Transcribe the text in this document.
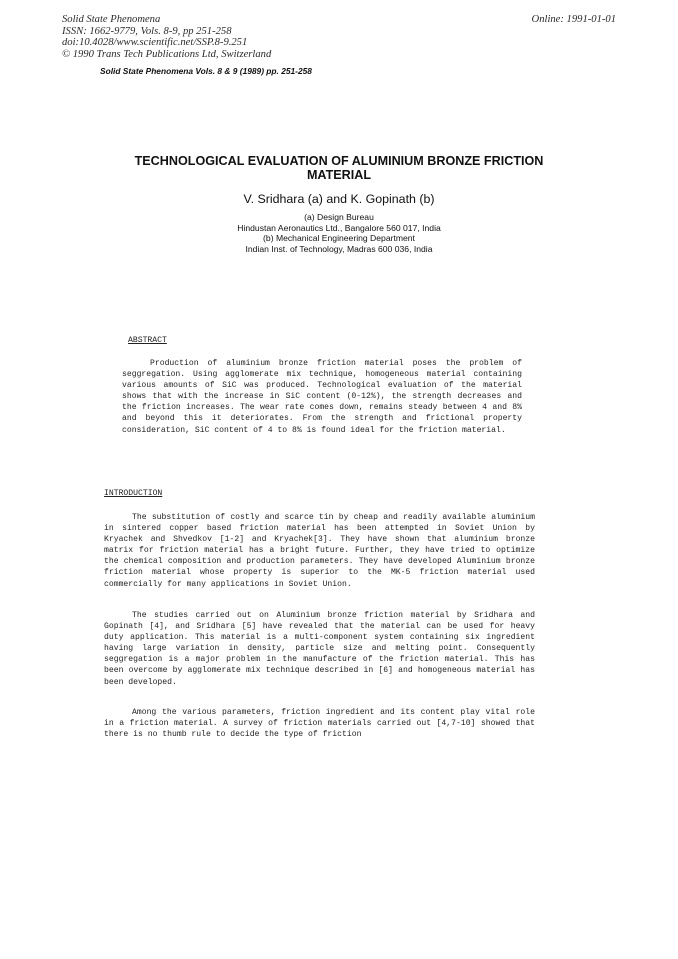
Solid State Phenomena
ISSN: 1662-9779, Vols. 8-9, pp 251-258
doi:10.4028/www.scientific.net/SSP.8-9.251
© 1990 Trans Tech Publications Ltd, Switzerland
Online: 1991-01-01
Solid State Phenomena Vols. 8 & 9 (1989) pp. 251-258
TECHNOLOGICAL EVALUATION OF ALUMINIUM BRONZE FRICTION
MATERIAL
V. Sridhara (a) and K. Gopinath (b)
(a) Design Bureau
Hindustan Aeronautics Ltd., Bangalore 560 017, India
(b) Mechanical Engineering Department
Indian Inst. of Technology, Madras 600 036, India
ABSTRACT

Production of aluminium bronze friction material poses the problem of seggregation. Using agglomerate mix technique, homogeneous material containing various amounts of SiC was produced. Technological evaluation of the material shows that with the increase in SiC content (0-12%), the strength decreases and the friction increases. The wear rate comes down, remains steady between 4 and 8% and beyond this it deteriorates. From the strength and frictional property consideration, SiC content of 4 to 8% is found ideal for the friction material.

INTRODUCTION

The substitution of costly and scarce tin by cheap and readily available aluminium in sintered copper based friction material has been attempted in Soviet Union by Kryachek and Shvedkov [1-2] and Kryachek[3]. They have shown that aluminium bronze matrix for friction material has a bright future. Further, they have tried to optimize the chemical composition and production parameters. They have developed Aluminium bronze friction material whose property is superior to the MK-5 friction material used commercially for many applications in Soviet Union.

The studies carried out on Aluminium bronze friction material by Sridhara and Gopinath [4], and Sridhara [5] have revealed that the material can be used for heavy duty application. This material is a multi-component system containing six ingredient having large variation in density, particle size and melting point. Consequently seggregation is a major problem in the manufacture of the friction material. This has been overcome by agglomerate mix technique described in [6] and homogeneous material has been developed.

Among the various parameters, friction ingredient and its content play vital role in a friction material. A survey of friction materials carried out [4,7-10] showed that there is no thumb rule to decide the type of friction
